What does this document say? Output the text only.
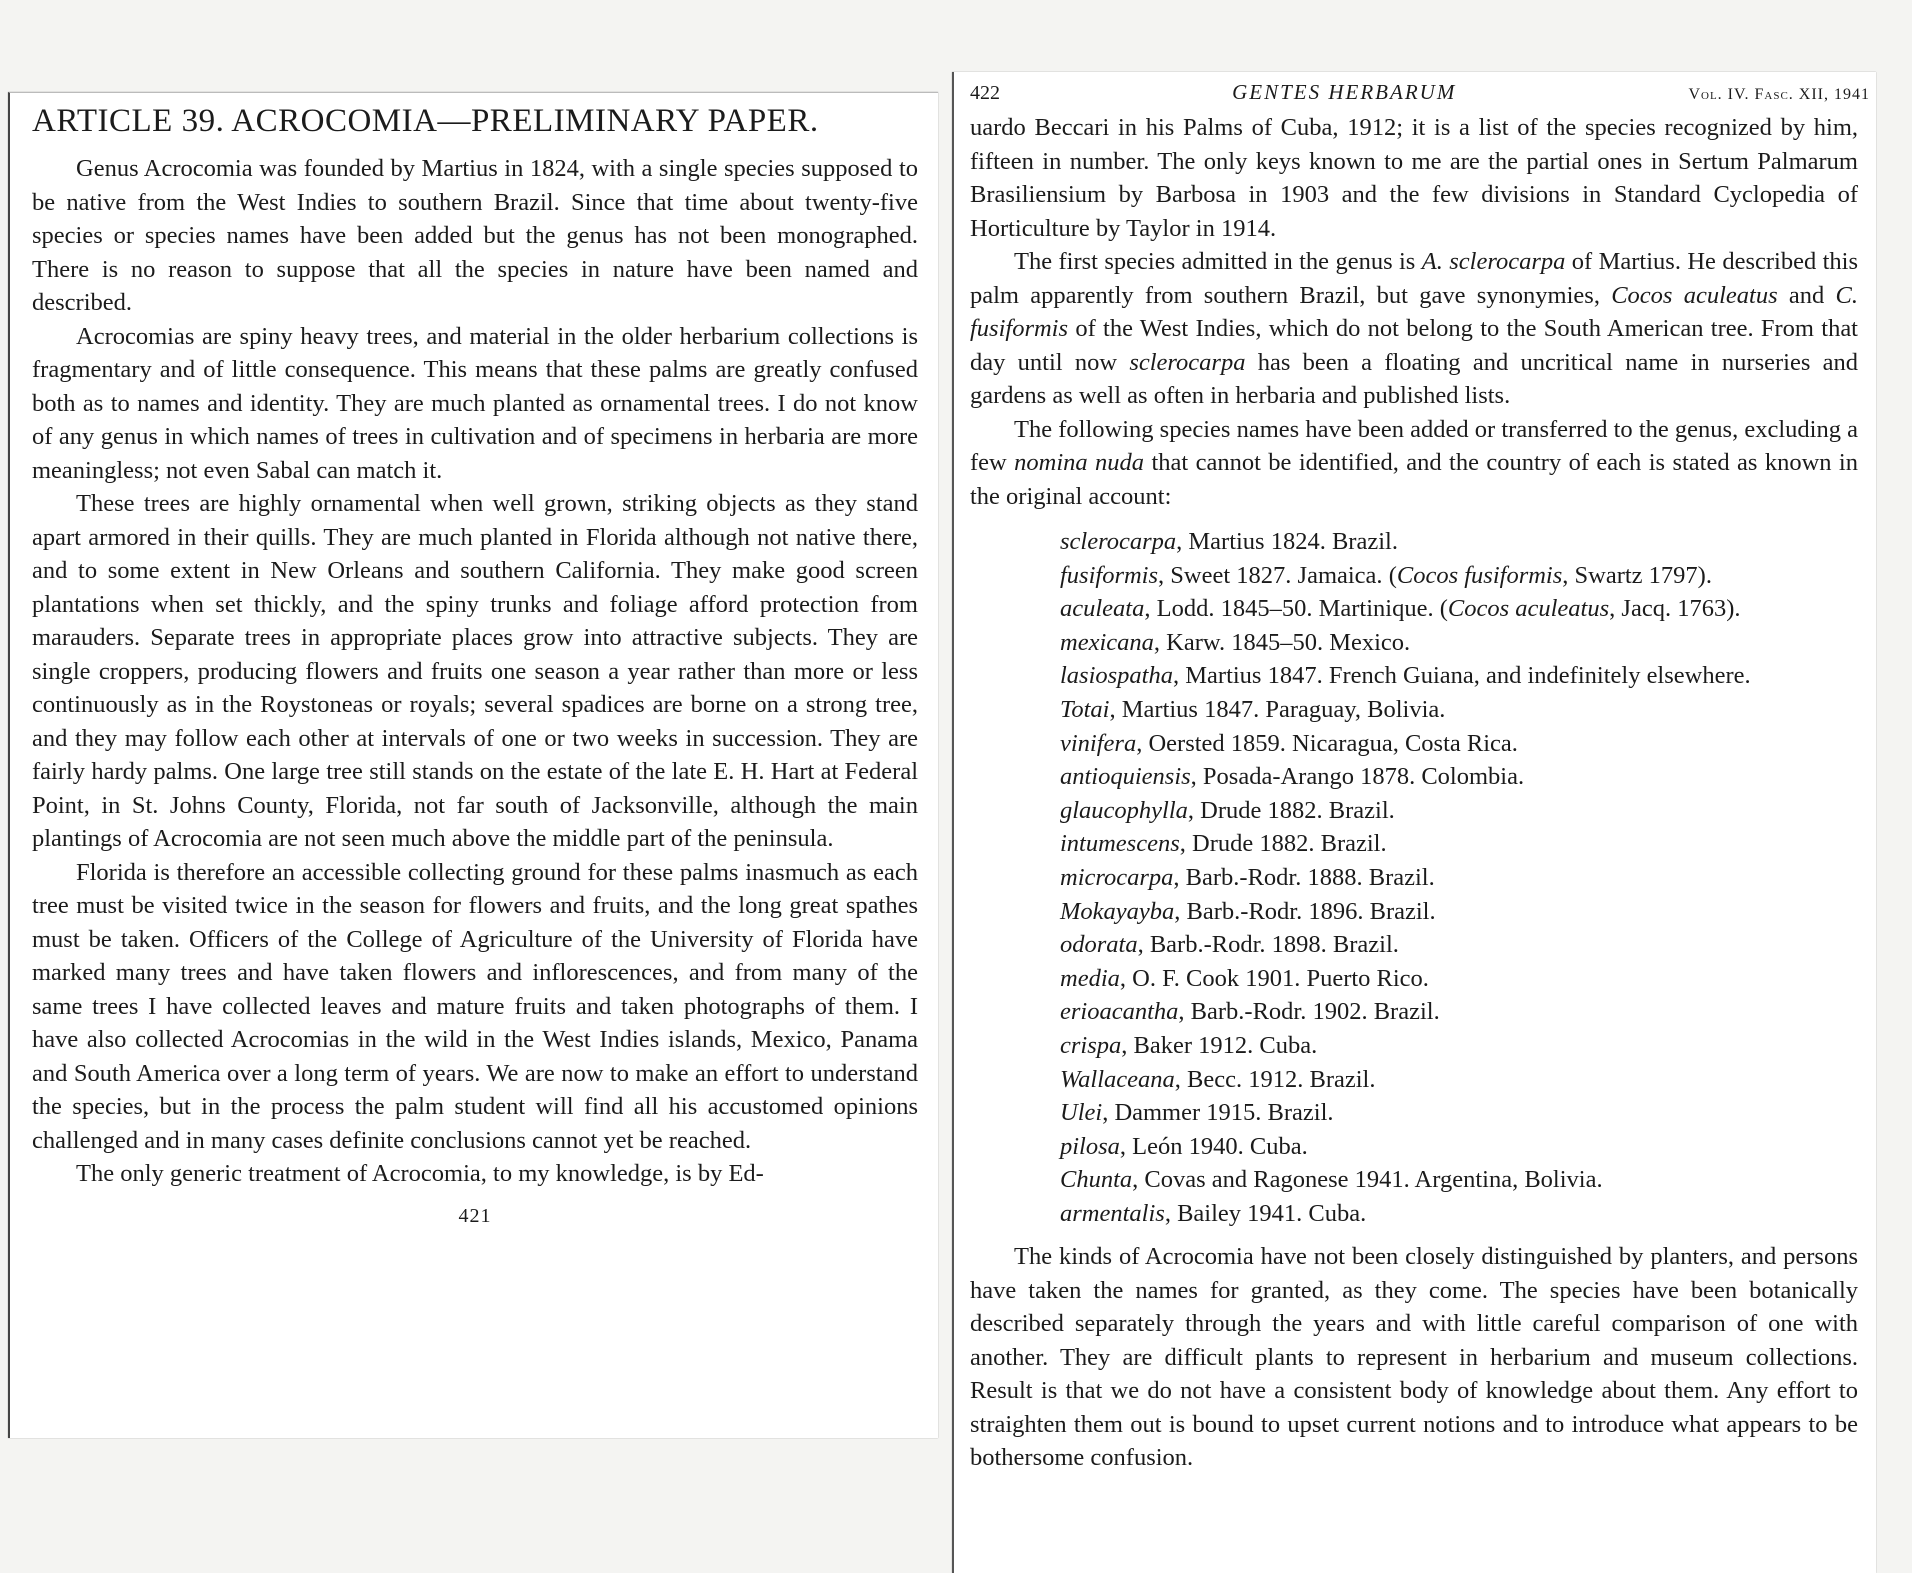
ARTICLE 39. ACROCOMIA—PRELIMINARY PAPER.

Genus Acrocomia was founded by Martius in 1824, with a single species supposed to be native from the West Indies to southern Brazil. Since that time about twenty-five species or species names have been added but the genus has not been monographed. There is no reason to suppose that all the species in nature have been named and described.

Acrocomias are spiny heavy trees, and material in the older herbarium collections is fragmentary and of little consequence. This means that these palms are greatly confused both as to names and identity. They are much planted as ornamental trees. I do not know of any genus in which names of trees in cultivation and of specimens in herbaria are more meaningless; not even Sabal can match it.

These trees are highly ornamental when well grown, striking objects as they stand apart armored in their quills. They are much planted in Florida although not native there, and to some extent in New Orleans and southern California. They make good screen plantations when set thickly, and the spiny trunks and foliage afford protection from marauders. Separate trees in appropriate places grow into attractive subjects. They are single croppers, producing flowers and fruits one season a year rather than more or less continuously as in the Roystoneas or royals; several spadices are borne on a strong tree, and they may follow each other at intervals of one or two weeks in succession. They are fairly hardy palms. One large tree still stands on the estate of the late E. H. Hart at Federal Point, in St. Johns County, Florida, not far south of Jacksonville, although the main plantings of Acrocomia are not seen much above the middle part of the peninsula.

Florida is therefore an accessible collecting ground for these palms inasmuch as each tree must be visited twice in the season for flowers and fruits, and the long great spathes must be taken. Officers of the College of Agriculture of the University of Florida have marked many trees and have taken flowers and inflorescences, and from many of the same trees I have collected leaves and mature fruits and taken photographs of them. I have also collected Acrocomias in the wild in the West Indies islands, Mexico, Panama and South America over a long term of years. We are now to make an effort to understand the species, but in the process the palm student will find all his accustomed opinions challenged and in many cases definite conclusions cannot yet be reached.

The only generic treatment of Acrocomia, to my knowledge, is by Ed-

421
422	GENTES HERBARUM	Vol. IV. Fasc. XII, 1941

uardo Beccari in his Palms of Cuba, 1912; it is a list of the species recognized by him, fifteen in number. The only keys known to me are the partial ones in Sertum Palmarum Brasiliensium by Barbosa in 1903 and the few divisions in Standard Cyclopedia of Horticulture by Taylor in 1914.

The first species admitted in the genus is A. sclerocarpa of Martius. He described this palm apparently from southern Brazil, but gave synonymies, Cocos aculeatus and C. fusiformis of the West Indies, which do not belong to the South American tree. From that day until now sclerocarpa has been a floating and uncritical name in nurseries and gardens as well as often in herbaria and published lists.

The following species names have been added or transferred to the genus, excluding a few nomina nuda that cannot be identified, and the country of each is stated as known in the original account:

sclerocarpa, Martius 1824. Brazil.
fusiformis, Sweet 1827. Jamaica. (Cocos fusiformis, Swartz 1797).
aculeata, Lodd. 1845–50. Martinique. (Cocos aculeatus, Jacq. 1763).
mexicana, Karw. 1845–50. Mexico.
lasiospatha, Martius 1847. French Guiana, and indefinitely elsewhere.
Totai, Martius 1847. Paraguay, Bolivia.
vinifera, Oersted 1859. Nicaragua, Costa Rica.
antioquiensis, Posada-Arango 1878. Colombia.
glaucophylla, Drude 1882. Brazil.
intumescens, Drude 1882. Brazil.
microcarpa, Barb.-Rodr. 1888. Brazil.
Mokayayba, Barb.-Rodr. 1896. Brazil.
odorata, Barb.-Rodr. 1898. Brazil.
media, O. F. Cook 1901. Puerto Rico.
erioacantha, Barb.-Rodr. 1902. Brazil.
crispa, Baker 1912. Cuba.
Wallaceana, Becc. 1912. Brazil.
Ulei, Dammer 1915. Brazil.
pilosa, León 1940. Cuba.
Chunta, Covas and Ragonese 1941. Argentina, Bolivia.
armentalis, Bailey 1941. Cuba.

The kinds of Acrocomia have not been closely distinguished by planters, and persons have taken the names for granted, as they come. The species have been botanically described separately through the years and with little careful comparison of one with another. They are difficult plants to represent in herbarium and museum collections. Result is that we do not have a consistent body of knowledge about them. Any effort to straighten them out is bound to upset current notions and to introduce what appears to be bothersome confusion.
